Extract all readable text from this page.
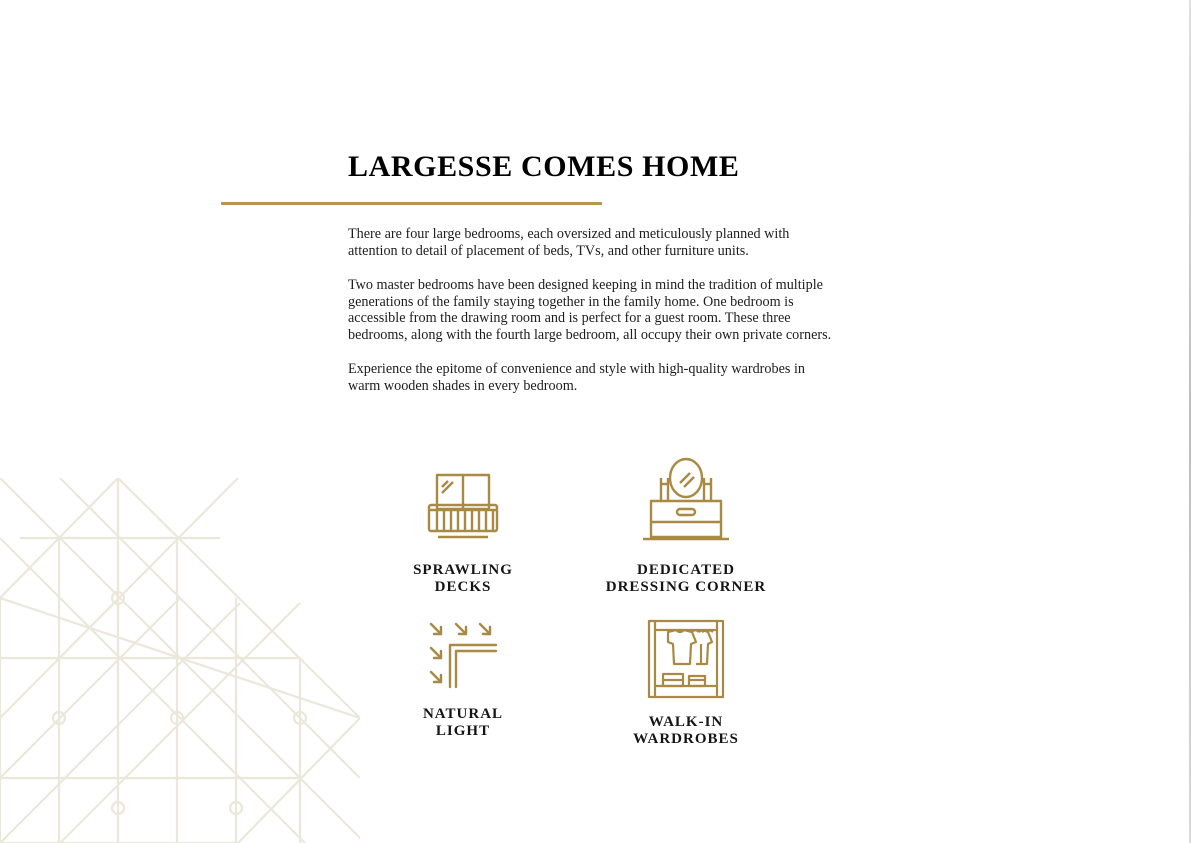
LARGESSE COMES HOME

There are four large bedrooms, each oversized and meticulously planned with attention to detail of placement of beds, TVs, and other furniture units.

Two master bedrooms have been designed keeping in mind the tradition of multiple generations of the family staying together in the family home. One bedroom is accessible from the drawing room and is perfect for a guest room. These three bedrooms, along with the fourth large bedroom, all occupy their own private corners.

Experience the epitome of convenience and style with high-quality wardrobes in warm wooden shades in every bedroom.

SPRAWLING
DECKS
DEDICATED
DRESSING CORNER
NATURAL
LIGHT
WALK-IN
WARDROBES
